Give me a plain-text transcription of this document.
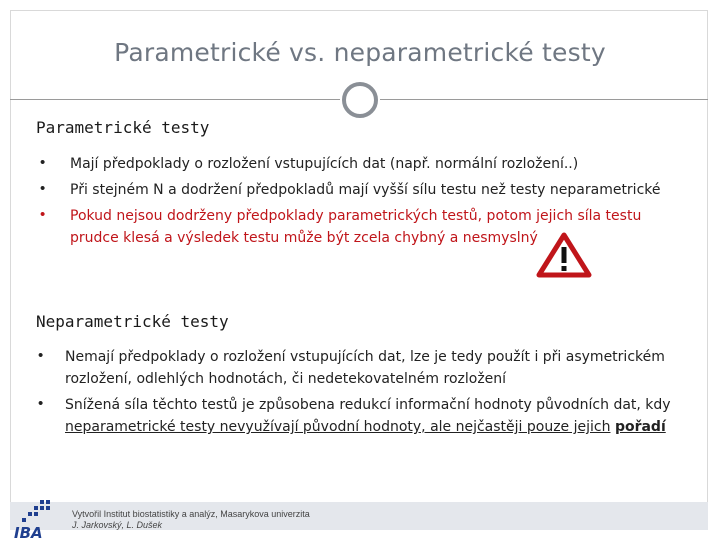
Parametrické vs. neparametrické testy
Parametrické testy
• Mají předpoklady o rozložení vstupujících dat (např. normální rozložení..)
• Při stejném N a dodržení předpokladů mají vyšší sílu testu než testy neparametrické
• Pokud nejsou dodrženy předpoklady parametrických testů, potom jejich síla testu
prudce klesá a výsledek testu může být zcela chybný a nesmyslný
Neparametrické testy
• Nemají předpoklady o rozložení vstupujících dat, lze je tedy použít i při asymetrickém
rozložení, odlehlých hodnotách, či nedetekovatelném rozložení
• Snížená síla těchto testů je způsobena redukcí informační hodnoty původních dat, kdy
neparametrické testy nevyužívají původní hodnoty, ale nejčastěji pouze jejich pořadí
IBA
Vytvořil Institut biostatistiky a analýz, Masarykova univerzita
J. Jarkovský, L. Dušek
